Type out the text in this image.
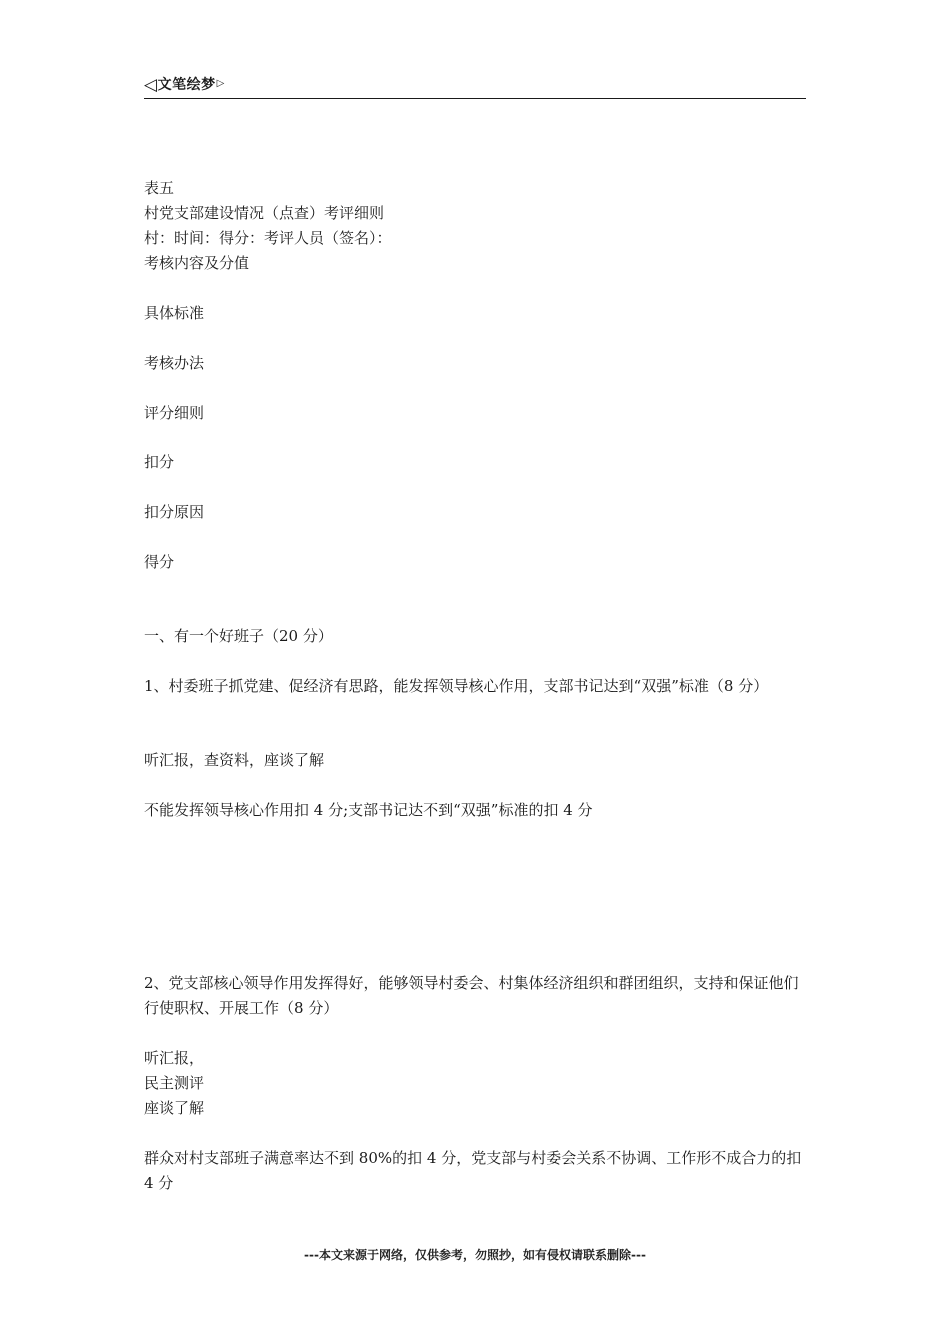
◁文笔绘梦▷

表五

村党支部建设情况（点查）考评细则

村：时间：得分：考评人员（签名）：

考核内容及分值

具体标准

考核办法

评分细则

扣分

扣分原因

得分

一、有一个好班子（20 分）

1、村委班子抓党建、促经济有思路，能发挥领导核心作用，支部书记达到“双强”标准（8 分）

听汇报，查资料，座谈了解

不能发挥领导核心作用扣 4 分;支部书记达不到“双强”标准的扣 4 分

2、党支部核心领导作用发挥得好，能够领导村委会、村集体经济组织和群团组织，支持和保证他们行使职权、开展工作（8 分）

听汇报，

民主测评

座谈了解

群众对村支部班子满意率达不到 80%的扣 4 分，党支部与村委会关系不协调、工作形不成合力的扣 4 分

---本文来源于网络，仅供参考，勿照抄，如有侵权请联系删除---
